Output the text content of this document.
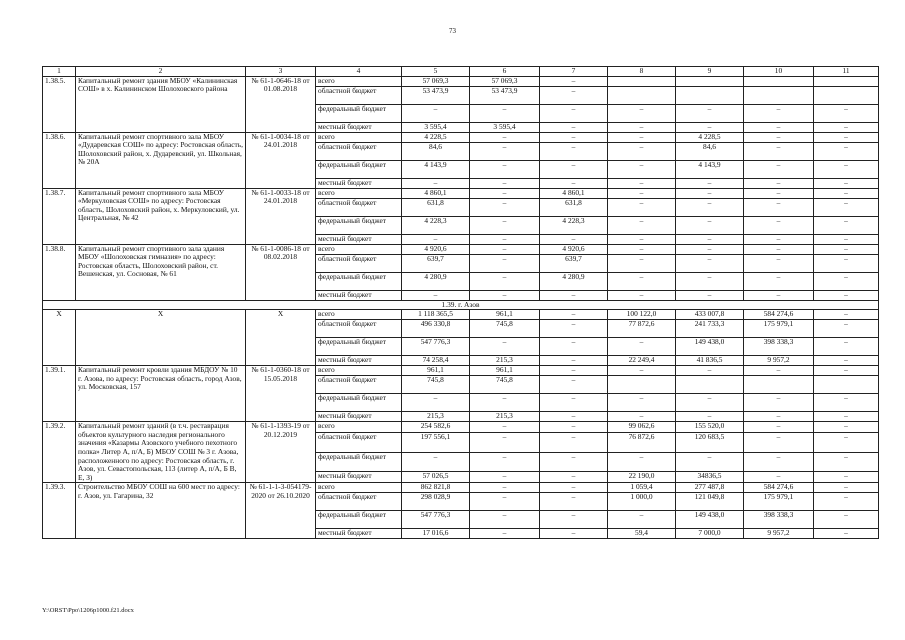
73
1	2	3	4	5	6	7	8	9	10	11
1.38.5.	Капитальный ремонт здания МБОУ «Калининская СОШ» в х. Калининском Шолоховского района	№ 61-1-0646-18 от 01.08.2018	всего	57 069,3	57 069,3	–				
			областной бюджет	53 473,9	53 473,9	–				
			федеральный бюджет	–	–	–	–	–	–	–
			местный бюджет	3 595,4	3 595,4	–	–	–	–	–
1.38.6.	Капитальный ремонт спортивного зала МБОУ «Дударевская СОШ» по адресу: Ростовская область, Шолоховский район, х. Дударевский, ул. Школьная, № 20А	№ 61-1-0034-18 от 24.01.2018	всего	4 228,5	–	–	–	4 228,5	–	–
			областной бюджет	84,6	–	–	–	84,6	–	–
			федеральный бюджет	4 143,9	–	–	–	4 143,9	–	–
			местный бюджет	–	–	–	–	–	–	–
1.38.7.	Капитальный ремонт спортивного зала МБОУ «Меркуловская СОШ» по адресу: Ростовская область, Шолоховский район, х. Меркуловский, ул. Центральная, № 42	№ 61-1-0033-18 от 24.01.2018	всего	4 860,1	–	4 860,1	–	–	–	–
			областной бюджет	631,8	–	631,8	–	–	–	–
			федеральный бюджет	4 228,3	–	4 228,3	–	–	–	–
			местный бюджет	–	–	–	–	–	–	–
1.38.8.	Капитальный ремонт спортивного зала здания МБОУ «Шолоховская гимназия» по адресу: Ростовская область, Шолоховский район, ст. Вешенская, ул. Сосновая, № 61	№ 61-1-0086-18 от 08.02.2018	всего	4 920,6	–	4 920,6	–	–	–	–
			областной бюджет	639,7	–	639,7	–	–	–	–
			федеральный бюджет	4 280,9	–	4 280,9	–	–	–	–
			местный бюджет	–	–	–	–	–	–	–
1.39. г. Азов										
Х	Х	Х	всего	1 118 365,5	961,1	–	100 122,0	433 007,8	584 274,6	–
			областной бюджет	496 330,8	745,8	–	77 872,6	241 733,3	175 979,1	–
			федеральный бюджет	547 776,3	–	–	–	149 438,0	398 338,3	–
			местный бюджет	74 258,4	215,3	–	22 249,4	41 836,5	9 957,2	–
1.39.1.	Капитальный ремонт кровли здания МБДОУ № 10 г. Азова, по адресу: Ростовская область, город Азов, ул. Московская, 157	№ 61-1-0360-18 от 15.05.2018	всего	961,1	961,1	–	–	–	–	–
			областной бюджет	745,8	745,8	–				
			федеральный бюджет	–	–	–	–	–	–	–
			местный бюджет	215,3	215,3	–	–	–	–	–
1.39.2.	Капитальный ремонт зданий (в т.ч. реставрация объектов культурного наследия регионального значения «Казармы Азовского учебного пехотного полка» Литер А, п/А, Б) МБОУ СОШ № 3 г. Азова, расположенного по адресу: Ростовская область, г. Азов, ул. Севастопольская, 113 (литер А, п/А, Б В, Е, З)	№ 61-1-1393-19 от 20.12.2019	всего	254 582,6	–	–	99 062,6	155 520,0	–	–
			областной бюджет	197 556,1	–	–	76 872,6	120 683,5	–	–
			федеральный бюджет	–	–	–	–	–	–	–
			местный бюджет	57 026,5	–	–	22 190,0	34836,5	–	–
1.39.3.	Строительство МБОУ СОШ на 600 мест по адресу: г. Азов, ул. Гагарина, 32	№ 61-1-1-3-054179-2020 от 26.10.2020	всего	862 821,8	–	–	1 059,4	277 487,8	584 274,6	–
			областной бюджет	298 028,9	–	–	1 000,0	121 049,8	175 979,1	–
			федеральный бюджет	547 776,3	–	–	–	149 438,0	398 338,3	–
			местный бюджет	17 016,6	–	–	59,4	7 000,0	9 957,2	–
Y:\ORST\Ppo\1206p1000.f21.docx
